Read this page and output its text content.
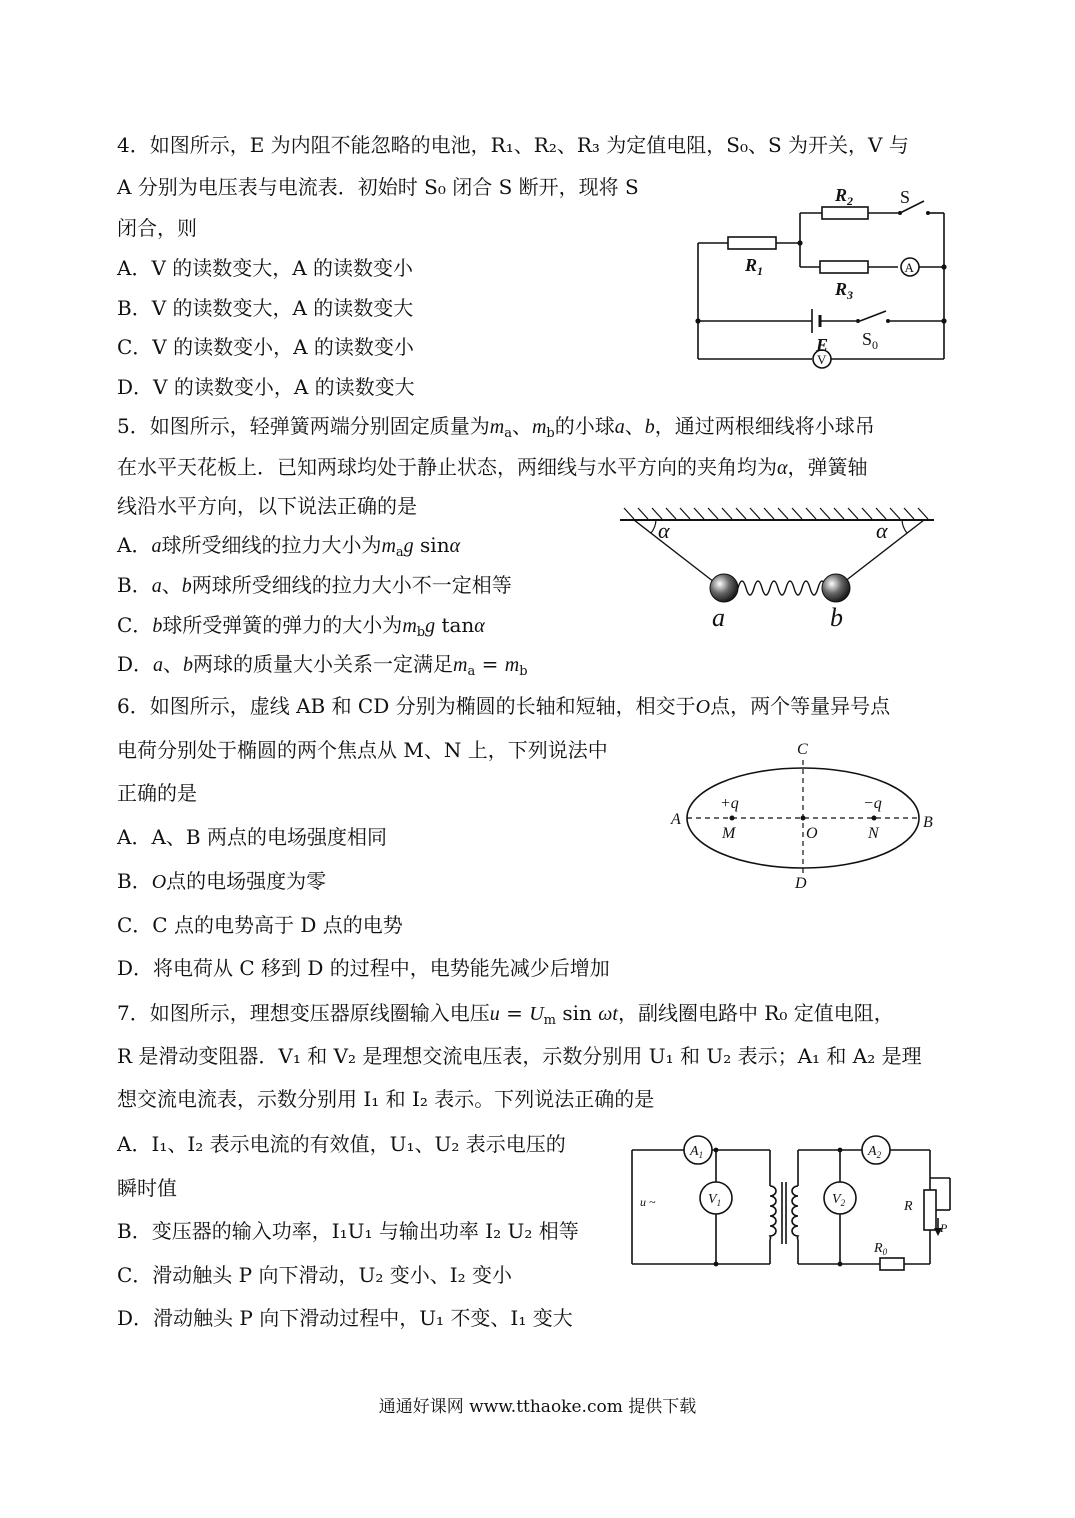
4．如图所示，E 为内阻不能忽略的电池，R₁、R₂、R₃ 为定值电阻，S₀、S 为开关，V 与
A 分别为电压表与电流表．初始时 S₀ 闭合 S 断开，现将 S
闭合，则
A．V 的读数变大，A 的读数变小
B．V 的读数变大，A 的读数变大
C．V 的读数变小，A 的读数变小
D．V 的读数变小，A 的读数变大
$R_1$
$R_2$
$R_3$
E
S
$S_0$
A
V
5．如图所示，轻弹簧两端分别固定质量为$m_a$、$m_b$的小球a、b，通过两根细线将小球吊
在水平天花板上．已知两球均处于静止状态，两细线与水平方向的夹角均为α，弹簧轴
线沿水平方向，以下说法正确的是
A．a球所受细线的拉力大小为$m_ag$ sinα
B．a、b两球所受细线的拉力大小不一定相等
C．b球所受弹簧的弹力的大小为$m_bg$ tanα
D．a、b两球的质量大小关系一定满足$m_a = m_b$
α	α
a	b
6．如图所示，虚线 AB 和 CD 分别为椭圆的长轴和短轴，相交于O点，两个等量异号点
电荷分别处于椭圆的两个焦点从 M、N 上，下列说法中
正确的是
A．A、B 两点的电场强度相同
B．O点的电场强度为零
C．C 点的电势高于 D 点的电势
D．将电荷从 C 移到 D 的过程中，电势能先减少后增加
A	B
C
D
M	O	N
+q	−q
7．如图所示，理想变压器原线圈输入电压$u = U_m$ sin ωt，副线圈电路中 R₀ 定值电阻，
R 是滑动变阻器．V₁ 和 V₂ 是理想交流电压表，示数分别用 U₁ 和 U₂ 表示；A₁ 和 A₂ 是理
想交流电流表，示数分别用 I₁ 和 I₂ 表示。下列说法正确的是
A．I₁、I₂ 表示电流的有效值，U₁、U₂ 表示电压的
瞬时值
B．变压器的输入功率，I₁U₁ 与输出功率 I₂ U₂ 相等
C．滑动触头 P 向下滑动，U₂ 变小、I₂ 变小
D．滑动触头 P 向下滑动过程中，U₁ 不变、I₁ 变大
$A_1$	$A_2$
$V_1$	$V_2$
u ~	R
P
$R_0$
通通好课网 www.tthaoke.com 提供下载
